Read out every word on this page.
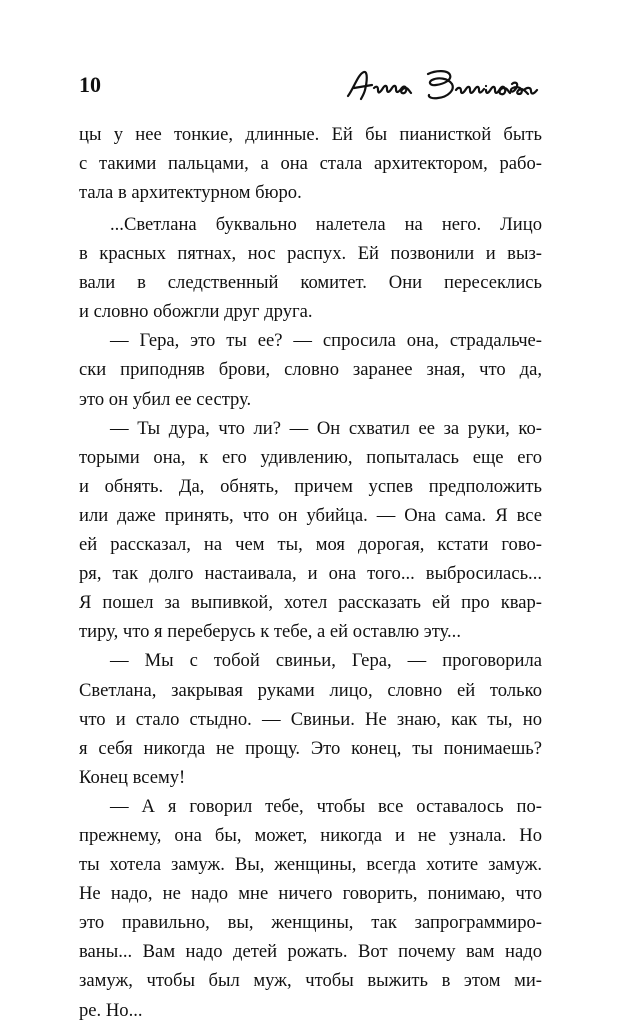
10
цы у нее тонкие, длинные. Ей бы пианисткой быть
с такими пальцами, а она стала архитектором, рабо-
тала в архитектурном бюро.
...Светлана буквально налетела на него. Лицо
в красных пятнах, нос распух. Ей позвонили и выз-
вали в следственный комитет. Они пересеклись
и словно обожгли друг друга.
— Гера, это ты ее? — спросила она, страдальче-
ски приподняв брови, словно заранее зная, что да,
это он убил ее сестру.
— Ты дура, что ли? — Он схватил ее за руки, ко-
торыми она, к его удивлению, попыталась еще его
и обнять. Да, обнять, причем успев предположить
или даже принять, что он убийца. — Она сама. Я все
ей рассказал, на чем ты, моя дорогая, кстати гово-
ря, так долго настаивала, и она того... выбросилась...
Я пошел за выпивкой, хотел рассказать ей про квар-
тиру, что я переберусь к тебе, а ей оставлю эту...
— Мы с тобой свиньи, Гера, — проговорила
Светлана, закрывая руками лицо, словно ей только
что и стало стыдно. — Свиньи. Не знаю, как ты, но
я себя никогда не прощу. Это конец, ты понимаешь?
Конец всему!
— А я говорил тебе, чтобы все оставалось по-
прежнему, она бы, может, никогда и не узнала. Но
ты хотела замуж. Вы, женщины, всегда хотите замуж.
Не надо, не надо мне ничего говорить, понимаю, что
это правильно, вы, женщины, так запрограммиро-
ваны... Вам надо детей рожать. Вот почему вам надо
замуж, чтобы был муж, чтобы выжить в этом ми-
ре. Но...
